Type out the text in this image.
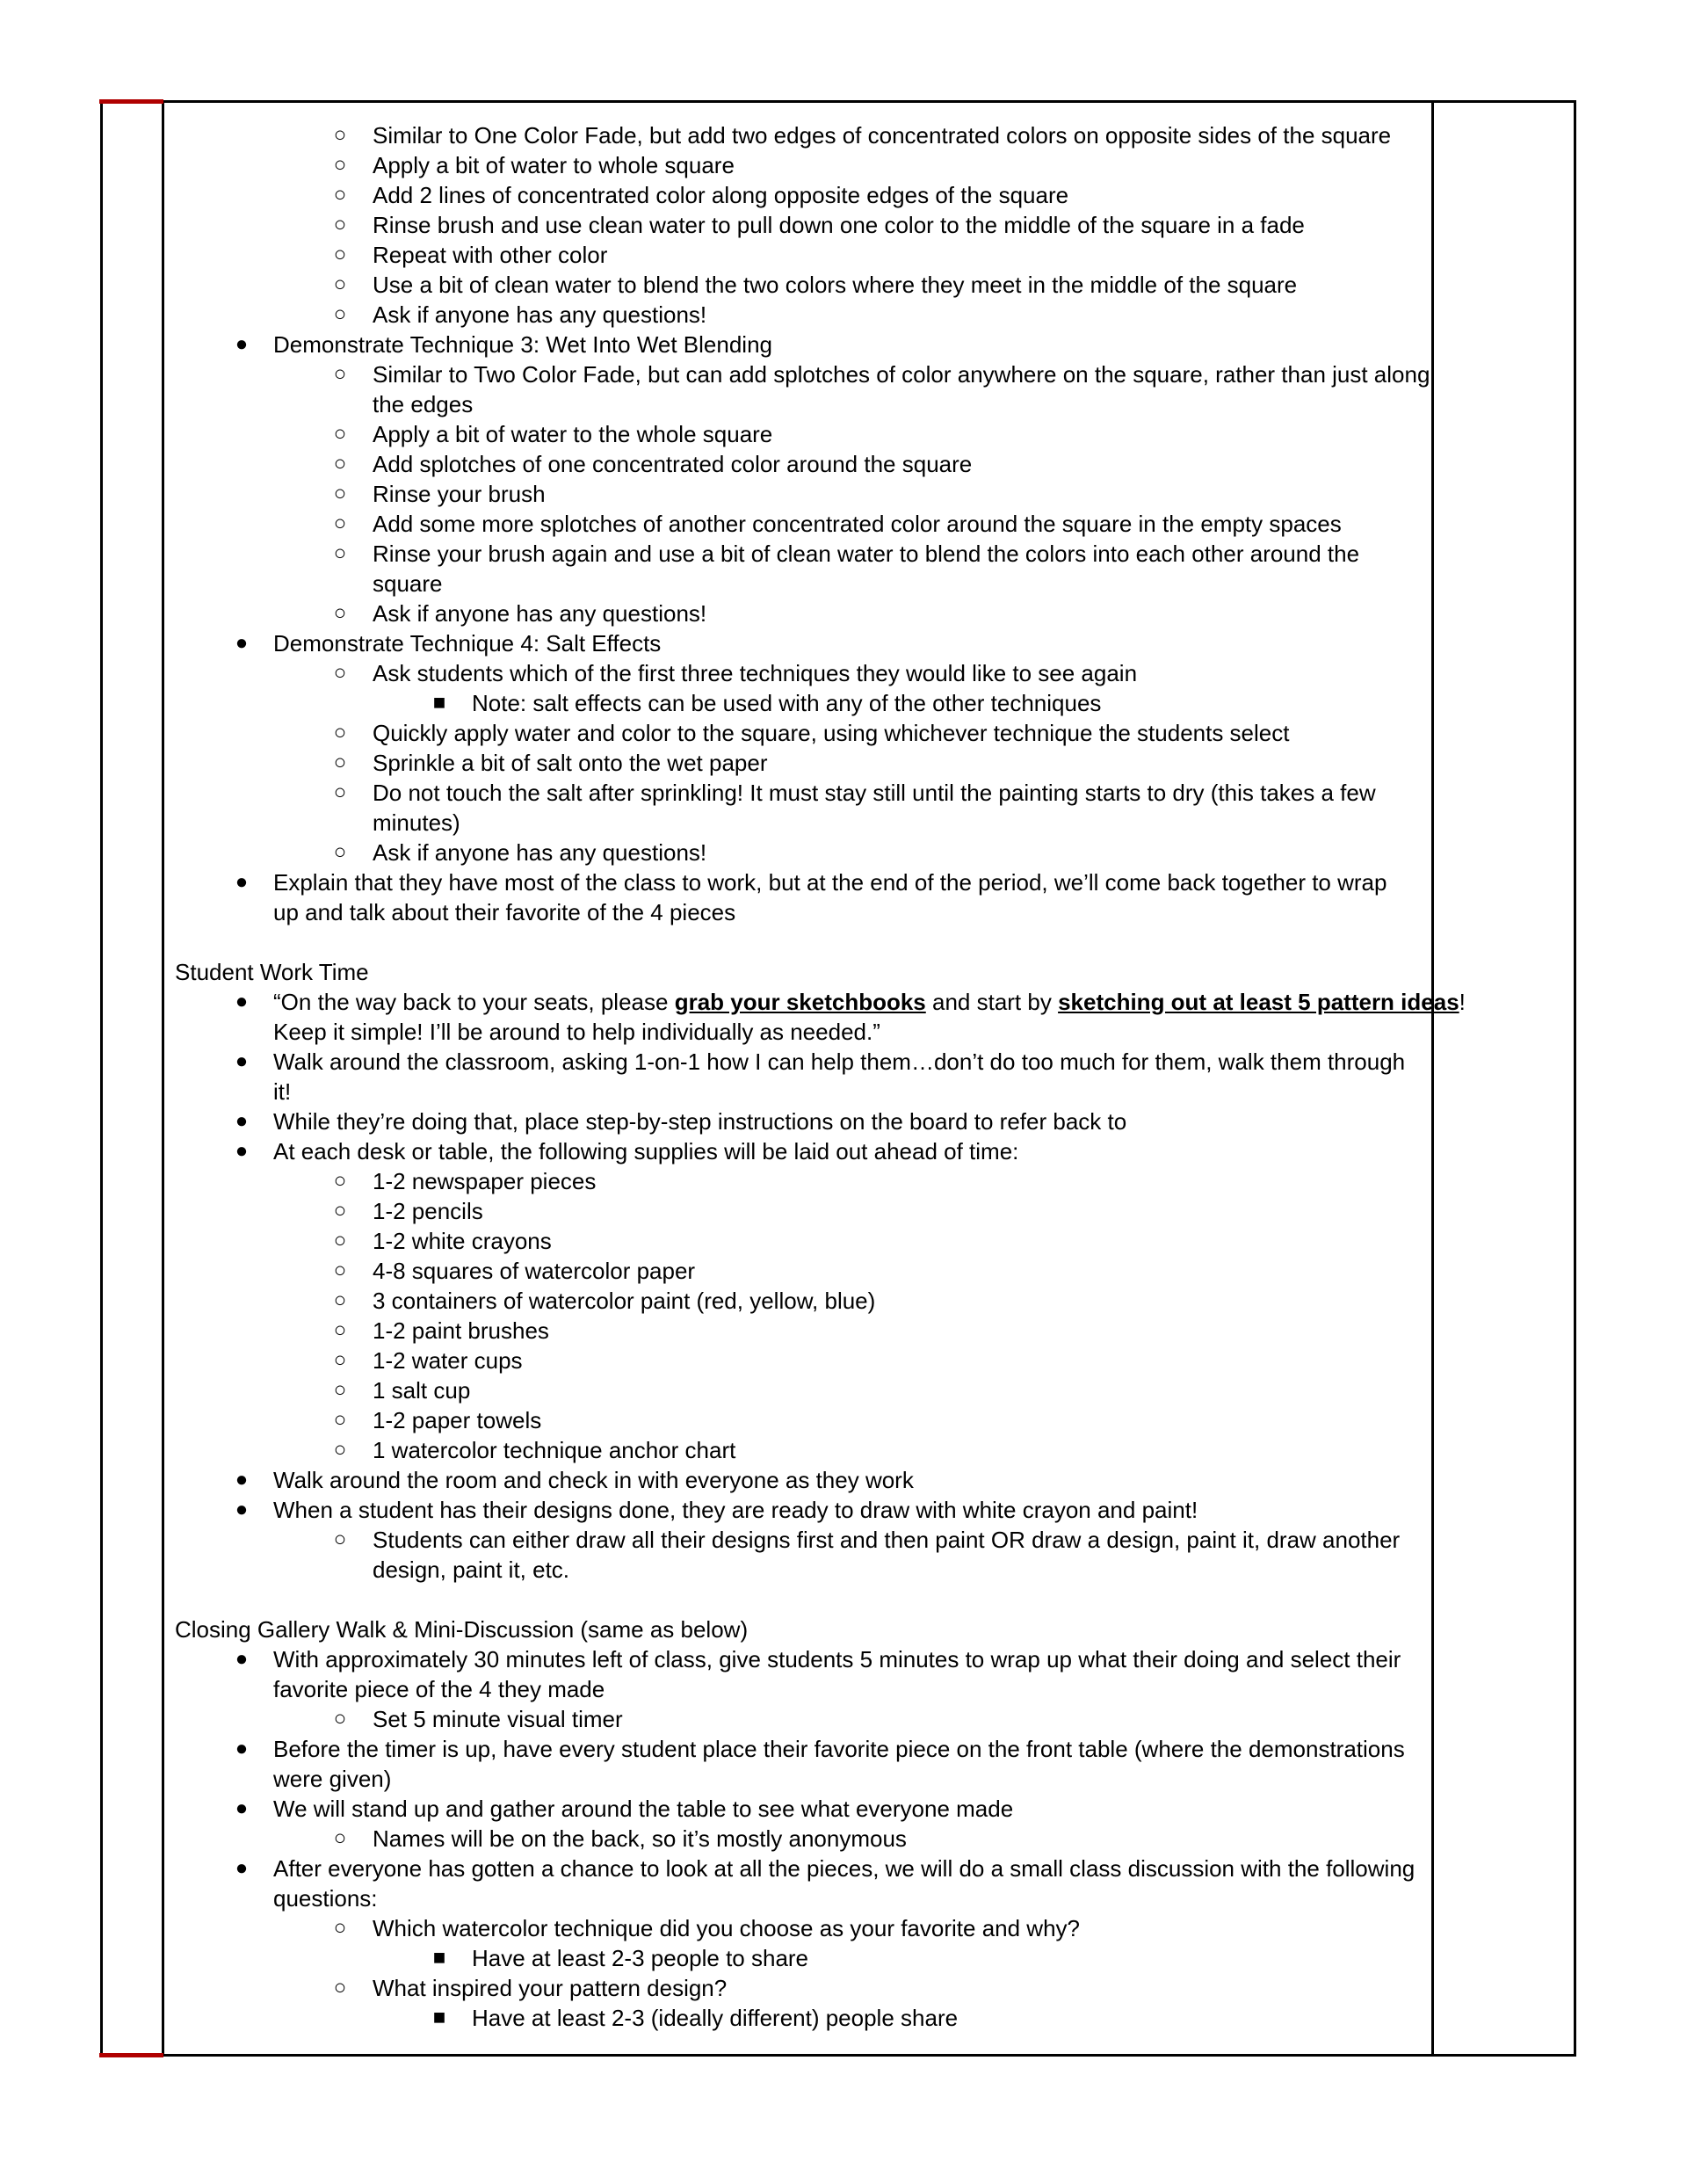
○	Similar to One Color Fade, but add two edges of concentrated colors on opposite sides of the square
○	Apply a bit of water to whole square
○	Add 2 lines of concentrated color along opposite edges of the square
○	Rinse brush and use clean water to pull down one color to the middle of the square in a fade
○	Repeat with other color
○	Use a bit of clean water to blend the two colors where they meet in the middle of the square
○	Ask if anyone has any questions!
●	Demonstrate Technique 3: Wet Into Wet Blending
○	Similar to Two Color Fade, but can add splotches of color anywhere on the square, rather than just along
the edges
○	Apply a bit of water to the whole square
○	Add splotches of one concentrated color around the square
○	Rinse your brush
○	Add some more splotches of another concentrated color around the square in the empty spaces
○	Rinse your brush again and use a bit of clean water to blend the colors into each other around the
square
○	Ask if anyone has any questions!
●	Demonstrate Technique 4: Salt Effects
○	Ask students which of the first three techniques they would like to see again
■	Note: salt effects can be used with any of the other techniques
○	Quickly apply water and color to the square, using whichever technique the students select
○	Sprinkle a bit of salt onto the wet paper
○	Do not touch the salt after sprinkling! It must stay still until the painting starts to dry (this takes a few
minutes)
○	Ask if anyone has any questions!
●	Explain that they have most of the class to work, but at the end of the period, we’ll come back together to wrap
up and talk about their favorite of the 4 pieces
Student Work Time
●	“On the way back to your seats, please grab your sketchbooks and start by sketching out at least 5 pattern ideas!
Keep it simple! I’ll be around to help individually as needed.”
●	Walk around the classroom, asking 1-on-1 how I can help them…don’t do too much for them, walk them through
it!
●	While they’re doing that, place step-by-step instructions on the board to refer back to
●	At each desk or table, the following supplies will be laid out ahead of time:
○	1-2 newspaper pieces
○	1-2 pencils
○	1-2 white crayons
○	4-8 squares of watercolor paper
○	3 containers of watercolor paint (red, yellow, blue)
○	1-2 paint brushes
○	1-2 water cups
○	1 salt cup
○	1-2 paper towels
○	1 watercolor technique anchor chart
●	Walk around the room and check in with everyone as they work
●	When a student has their designs done, they are ready to draw with white crayon and paint!
○	Students can either draw all their designs first and then paint OR draw a design, paint it, draw another
design, paint it, etc.
Closing Gallery Walk & Mini-Discussion (same as below)
●	With approximately 30 minutes left of class, give students 5 minutes to wrap up what their doing and select their
favorite piece of the 4 they made
○	Set 5 minute visual timer
●	Before the timer is up, have every student place their favorite piece on the front table (where the demonstrations
were given)
●	We will stand up and gather around the table to see what everyone made
○	Names will be on the back, so it’s mostly anonymous
●	After everyone has gotten a chance to look at all the pieces, we will do a small class discussion with the following
questions:
○	Which watercolor technique did you choose as your favorite and why?
■	Have at least 2-3 people to share
○	What inspired your pattern design?
■	Have at least 2-3 (ideally different) people share
